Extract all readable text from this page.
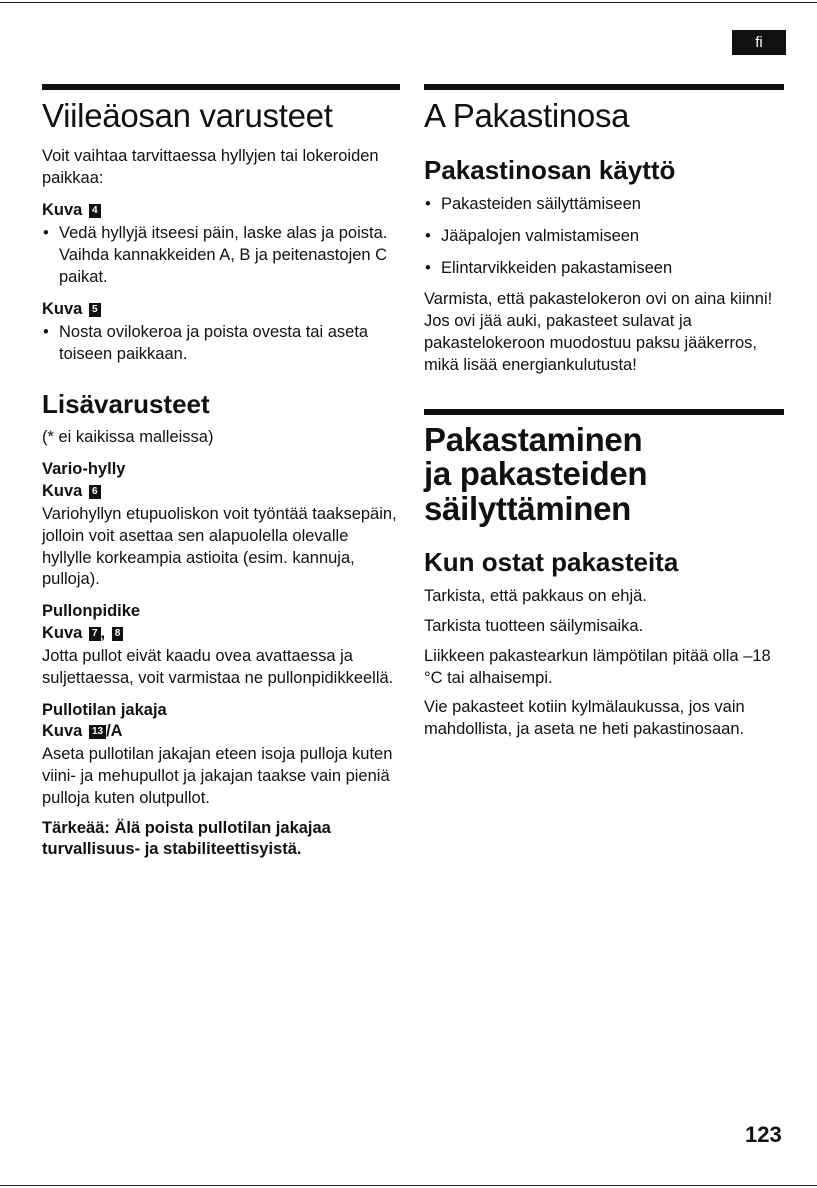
fi
Viileäosan varusteet

Voit vaihtaa tarvittaessa hyllyjen tai lokeroiden paikkaa:

Kuva 4
• Vedä hyllyjä itseesi päin, laske alas ja poista.
Vaihda kannakkeiden A, B ja peitenastojen C paikat.
Kuva 5
• Nosta ovilokeroa ja poista ovesta tai aseta toiseen paikkaan.
Lisävarusteet

(* ei kaikissa malleissa)

Vario-hylly
Kuva 6

Variohyllyn etupuoliskon voit työntää taaksepäin, jolloin voit asettaa sen alapuolella olevalle hyllylle korkeampia astioita (esim. kannuja, pulloja).

Pullonpidike
Kuva 7 , 8

Jotta pullot eivät kaadu ovea avattaessa ja suljettaessa, voit varmistaa ne pullonpidikkeellä.

Pullotilan jakaja
Kuva 13 /A

Aseta pullotilan jakajan eteen isoja pulloja kuten viini- ja mehupullot ja jakajan taakse vain pieniä pulloja kuten olutpullot.

Tärkeää: Älä poista pullotilan jakajaa turvallisuus- ja stabiliteettisyistä.

A Pakastinosa
Pakastinosan käyttö
• Pakasteiden säilyttämiseen
• Jääpalojen valmistamiseen
• Elintarvikkeiden pakastamiseen

Varmista, että pakastelokeron ovi on aina kiinni! Jos ovi jää auki, pakasteet sulavat ja pakastelokeroon muodostuu paksu jääkerros, mikä lisää energiankulutusta!

Pakastaminen
ja pakasteiden
säilyttäminen
Kun ostat pakasteita

Tarkista, että pakkaus on ehjä.

Tarkista tuotteen säilymisaika.

Liikkeen pakastearkun lämpötilan pitää olla –18 °C tai alhaisempi.

Vie pakasteet kotiin kylmälaukussa, jos vain mahdollista, ja aseta ne heti pakastinosaan.

123
